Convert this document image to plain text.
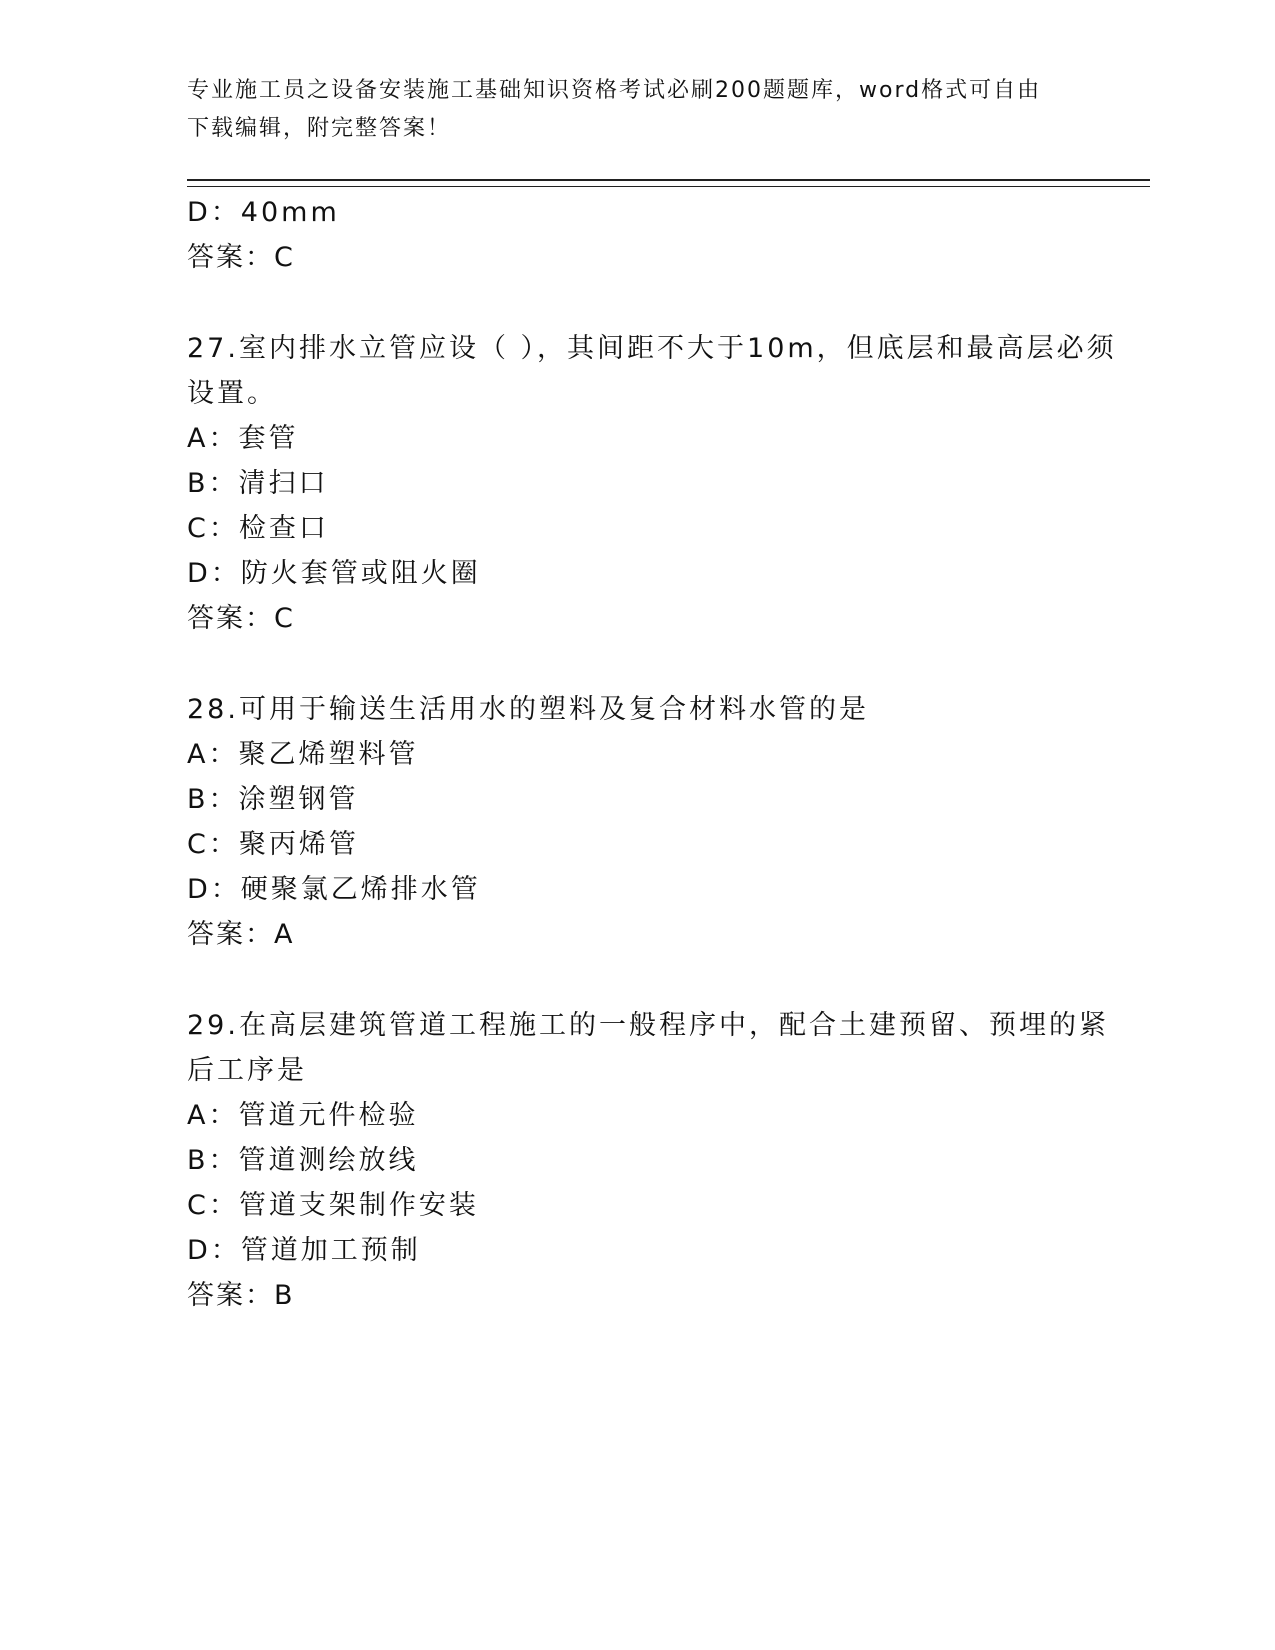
专业施工员之设备安装施工基础知识资格考试必刷200题题库，word格式可自由
下载编辑，附完整答案！
D：40mm
答案：C
27.室内排水立管应设（ ），其间距不大于10m，但底层和最高层必须
设置。
A：套管
B：清扫口
C：检查口
D：防火套管或阻火圈
答案：C
28.可用于输送生活用水的塑料及复合材料水管的是
A：聚乙烯塑料管
B：涂塑钢管
C：聚丙烯管
D：硬聚氯乙烯排水管
答案：A
29.在高层建筑管道工程施工的一般程序中，配合土建预留、预埋的紧
后工序是
A：管道元件检验
B：管道测绘放线
C：管道支架制作安装
D：管道加工预制
答案：B
